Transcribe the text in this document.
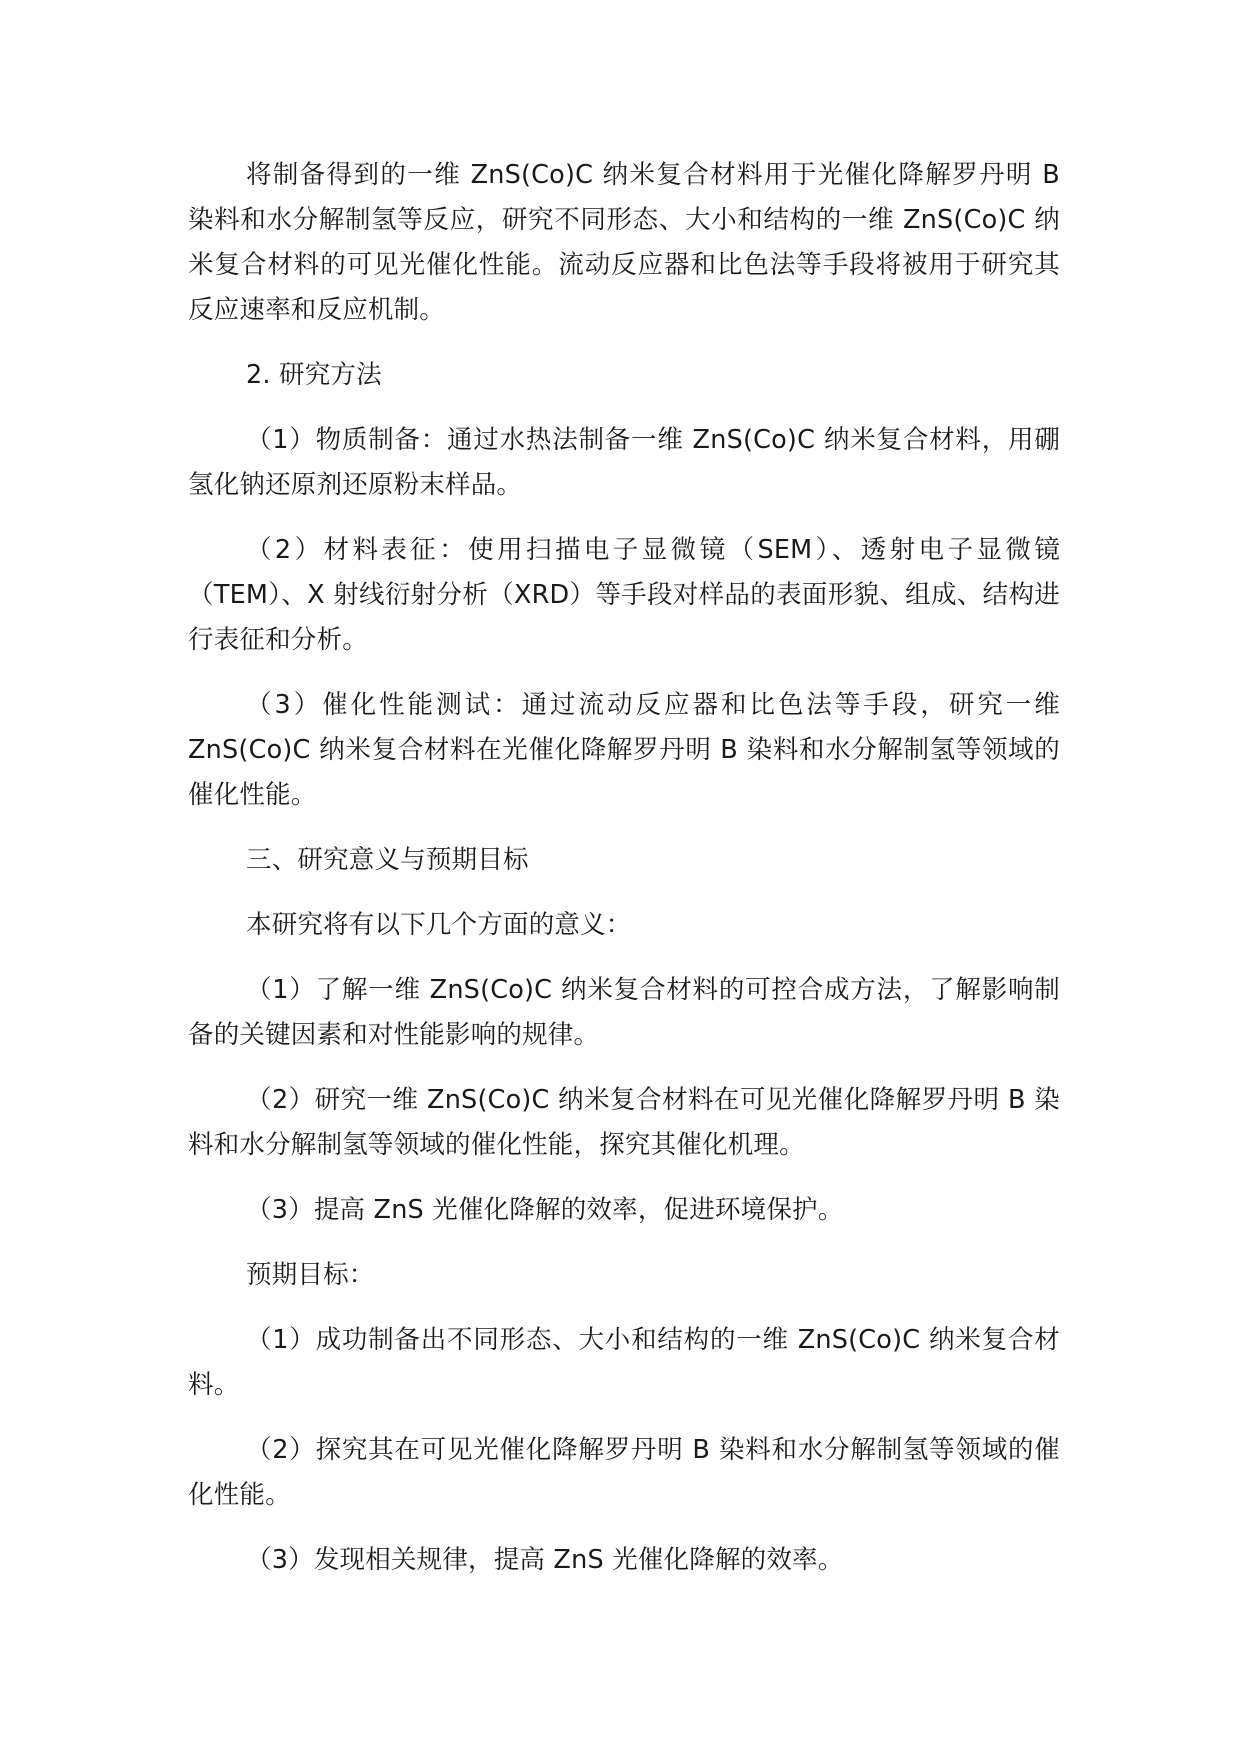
将制备得到的一维 ZnS(Co)C 纳米复合材料用于光催化降解罗丹明 B 染料和水分解制氢等反应，研究不同形态、大小和结构的一维 ZnS(Co)C 纳米复合材料的可见光催化性能。流动反应器和比色法等手段将被用于研究其反应速率和反应机制。

2. 研究方法

（1）物质制备：通过水热法制备一维 ZnS(Co)C 纳米复合材料，用硼氢化钠还原剂还原粉末样品。

（2）材料表征：使用扫描电子显微镜（SEM）、透射电子显微镜（TEM）、X 射线衍射分析（XRD）等手段对样品的表面形貌、组成、结构进行表征和分析。

（3）催化性能测试：通过流动反应器和比色法等手段，研究一维 ZnS(Co)C 纳米复合材料在光催化降解罗丹明 B 染料和水分解制氢等领域的催化性能。

三、研究意义与预期目标

本研究将有以下几个方面的意义：

（1）了解一维 ZnS(Co)C 纳米复合材料的可控合成方法，了解影响制备的关键因素和对性能影响的规律。

（2）研究一维 ZnS(Co)C 纳米复合材料在可见光催化降解罗丹明 B 染料和水分解制氢等领域的催化性能，探究其催化机理。

（3）提高 ZnS 光催化降解的效率，促进环境保护。

预期目标：

（1）成功制备出不同形态、大小和结构的一维 ZnS(Co)C 纳米复合材料。

（2）探究其在可见光催化降解罗丹明 B 染料和水分解制氢等领域的催化性能。

（3）发现相关规律，提高 ZnS 光催化降解的效率。
